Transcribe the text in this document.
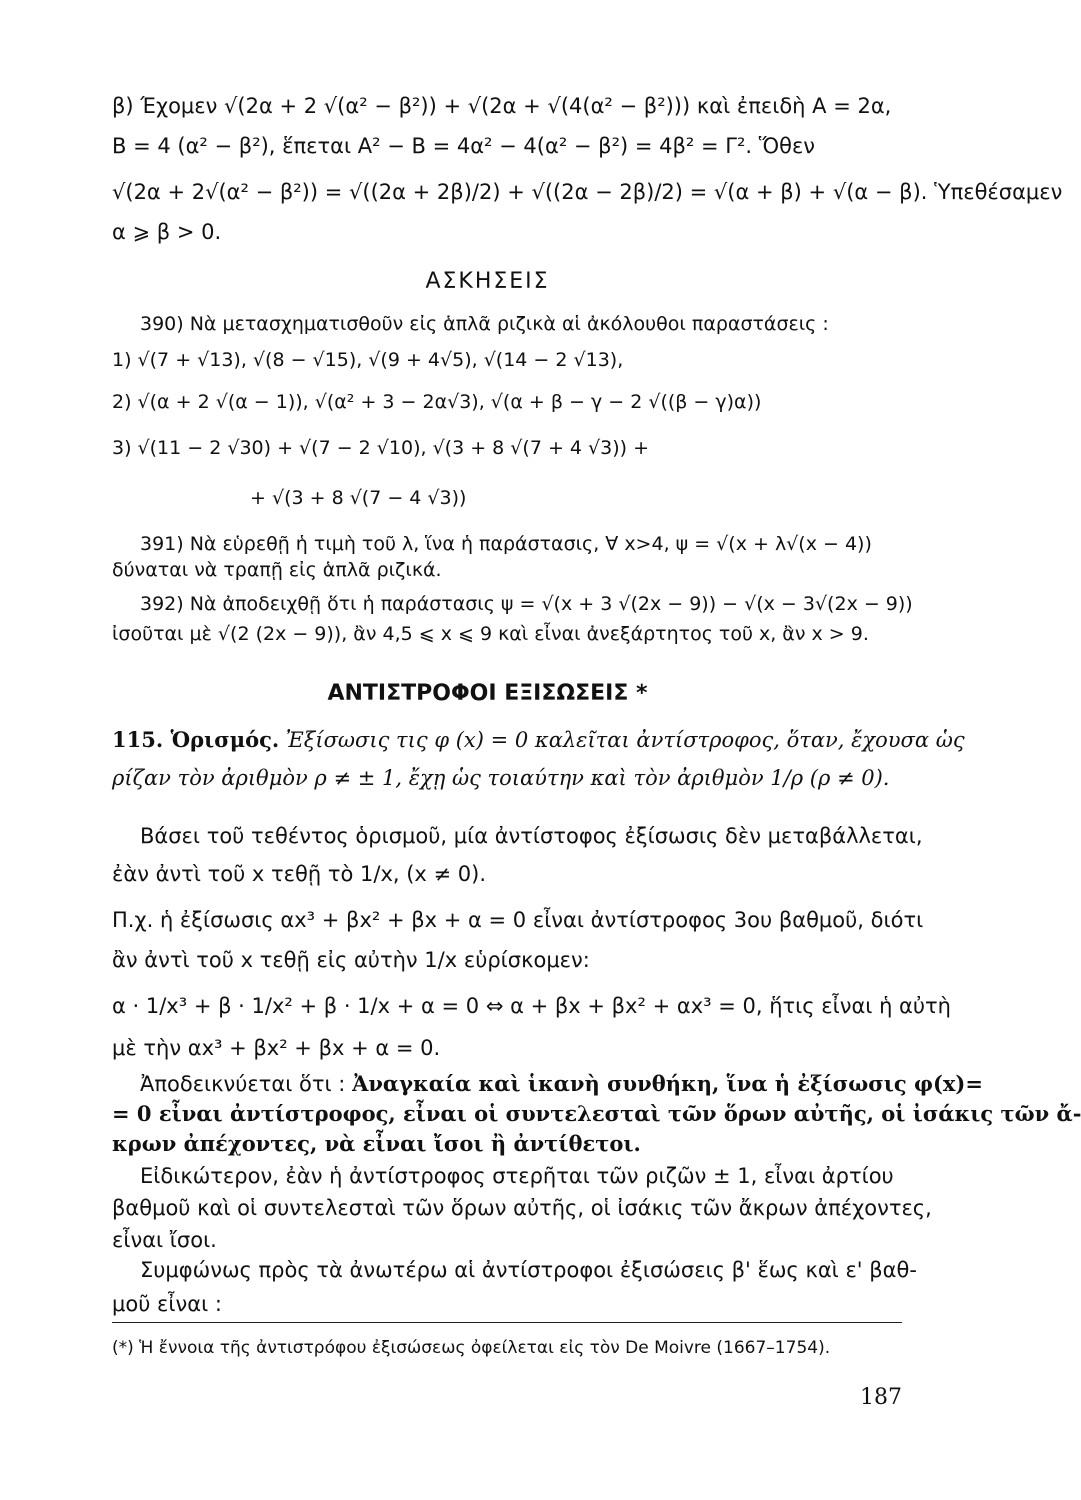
β) Έχομεν √(2α + 2 √(α² − β²)) + √(2α + √(4(α² − β²))) καὶ ἐπειδὴ Α = 2α,
Β = 4 (α² − β²), ἕπεται Α² − Β = 4α² − 4(α² − β²) = 4β² = Γ². Ὅθεν
√(2α + 2√(α² − β²)) = √((2α + 2β)/2) + √((2α − 2β)/2) = √(α + β) + √(α − β). Ὑπεθέσαμεν
α ⩾ β > 0.
ΑΣΚΗΣΕΙΣ
390) Νὰ μετασχηματισθοῦν εἰς ἁπλᾶ ριζικὰ αἱ ἀκόλουθοι παραστάσεις :
1) √(7 + √13), √(8 − √15), √(9 + 4√5), √(14 − 2 √13),
2) √(α + 2 √(α − 1)), √(α² + 3 − 2α√3), √(α + β − γ − 2 √((β − γ)α))
3) √(11 − 2 √30) + √(7 − 2 √10), √(3 + 8 √(7 + 4 √3)) +
+ √(3 + 8 √(7 − 4 √3))
391) Νὰ εὑρεθῇ ἡ τιμὴ τοῦ λ, ἵνα ἡ παράστασις, ∀ x>4, ψ = √(x + λ√(x − 4))
δύναται νὰ τραπῇ εἰς ἁπλᾶ ριζικά.
392) Νὰ ἀποδειχθῇ ὅτι ἡ παράστασις ψ = √(x + 3 √(2x − 9)) − √(x − 3√(2x − 9))
ἰσοῦται μὲ √(2 (2x − 9)), ἂν 4,5 ⩽ x ⩽ 9 καὶ εἶναι ἀνεξάρτητος τοῦ x, ἂν x > 9.
ΑΝΤΙΣΤΡΟΦΟΙ ΕΞΙΣΩΣΕΙΣ *
115. Ὁρισμός. Ἐξίσωσις τις φ (x) = 0 καλεῖται ἀντίστροφος, ὅταν, ἔχουσα ὡς
ρίζαν τὸν ἀριθμὸν ρ ≠ ± 1, ἔχῃ ὡς τοιαύτην καὶ τὸν ἀριθμὸν 1/ρ (ρ ≠ 0).
Βάσει τοῦ τεθέντος ὁρισμοῦ, μία ἀντίστοφος ἐξίσωσις δὲν μεταβάλλεται,
ἐὰν ἀντὶ τοῦ x τεθῇ τὸ 1/x, (x ≠ 0).
Π.χ. ἡ ἐξίσωσις αx³ + βx² + βx + α = 0 εἶναι ἀντίστροφος 3ου βαθμοῦ, διότι
ἂν ἀντὶ τοῦ x τεθῇ εἰς αὐτὴν 1/x εὑρίσκομεν:
α · 1/x³ + β · 1/x² + β · 1/x + α = 0 ⇔ α + βx + βx² + αx³ = 0, ἥτις εἶναι ἡ αὐτὴ
μὲ τὴν αx³ + βx² + βx + α = 0.
Ἀποδεικνύεται ὅτι : Ἀναγκαία καὶ ἱκανὴ συνθήκη, ἵνα ἡ ἐξίσωσις φ(x)=
= 0 εἶναι ἀντίστροφος, εἶναι οἱ συντελεσταὶ τῶν ὅρων αὐτῆς, οἱ ἰσάκις τῶν ἄ-
κρων ἀπέχοντες, νὰ εἶναι ἴσοι ἢ ἀντίθετοι.
Εἰδικώτερον, ἐὰν ἡ ἀντίστροφος στερῆται τῶν ριζῶν ± 1, εἶναι ἀρτίου
βαθμοῦ καὶ οἱ συντελεσταὶ τῶν ὅρων αὐτῆς, οἱ ἰσάκις τῶν ἄκρων ἀπέχοντες,
εἶναι ἴσοι.
Συμφώνως πρὸς τὰ ἀνωτέρω αἱ ἀντίστροφοι ἐξισώσεις β' ἕως καὶ ε' βαθ-
μοῦ εἶναι :
(*) Ἡ ἔννοια τῆς ἀντιστρόφου ἐξισώσεως ὀφείλεται εἰς τὸν De Moivre (1667–1754).
187
